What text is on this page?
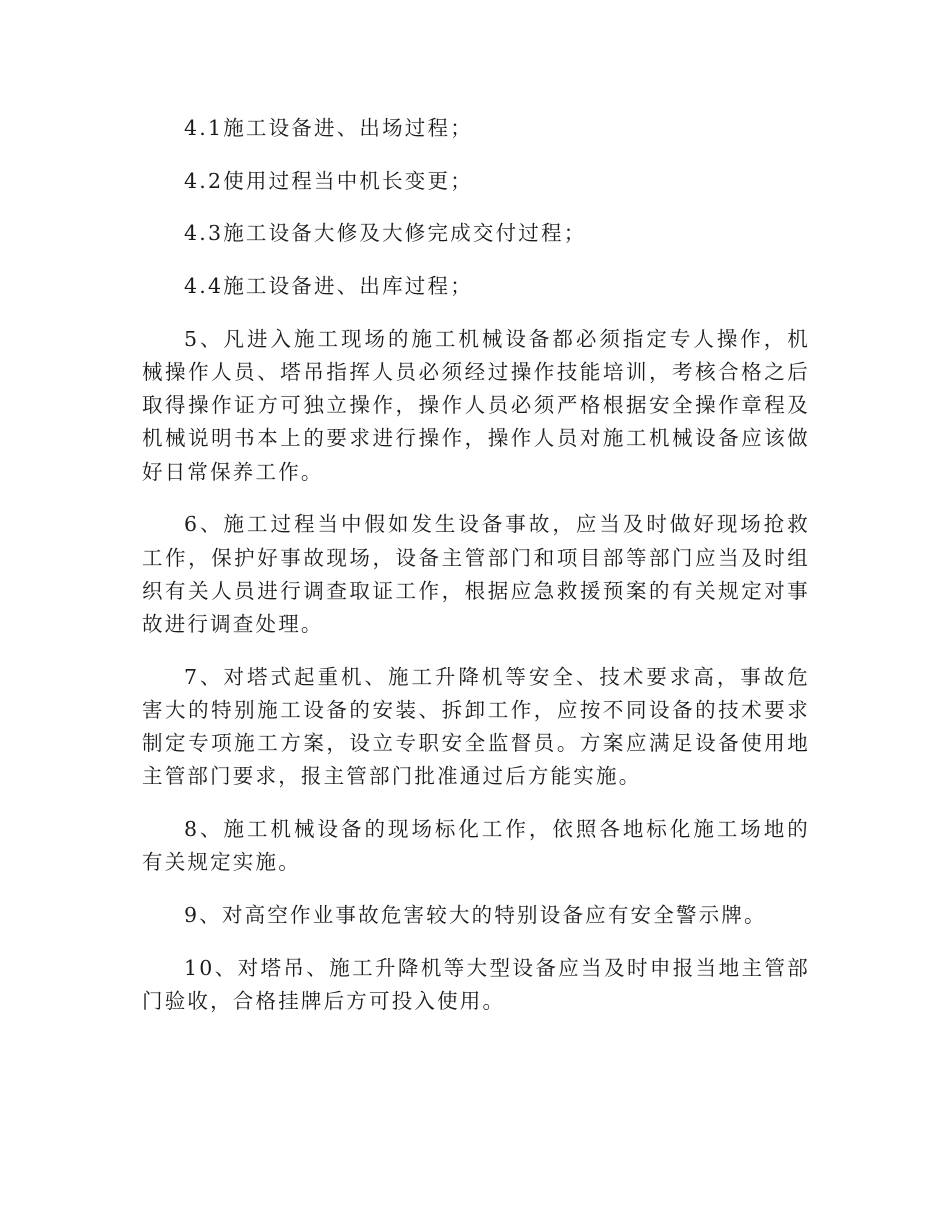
4.1施工设备进、出场过程；

4.2使用过程当中机长变更；

4.3施工设备大修及大修完成交付过程；

4.4施工设备进、出库过程；

5、凡进入施工现场的施工机械设备都必须指定专人操作，机械操作人员、塔吊指挥人员必须经过操作技能培训，考核合格之后取得操作证方可独立操作，操作人员必须严格根据安全操作章程及机械说明书本上的要求进行操作，操作人员对施工机械设备应该做好日常保养工作。

6、施工过程当中假如发生设备事故，应当及时做好现场抢救工作，保护好事故现场，设备主管部门和项目部等部门应当及时组织有关人员进行调查取证工作，根据应急救援预案的有关规定对事故进行调查处理。

7、对塔式起重机、施工升降机等安全、技术要求高，事故危害大的特别施工设备的安装、拆卸工作，应按不同设备的技术要求制定专项施工方案，设立专职安全监督员。方案应满足设备使用地主管部门要求，报主管部门批准通过后方能实施。

8、施工机械设备的现场标化工作，依照各地标化施工场地的有关规定实施。

9、对高空作业事故危害较大的特别设备应有安全警示牌。

10、对塔吊、施工升降机等大型设备应当及时申报当地主管部门验收，合格挂牌后方可投入使用。
